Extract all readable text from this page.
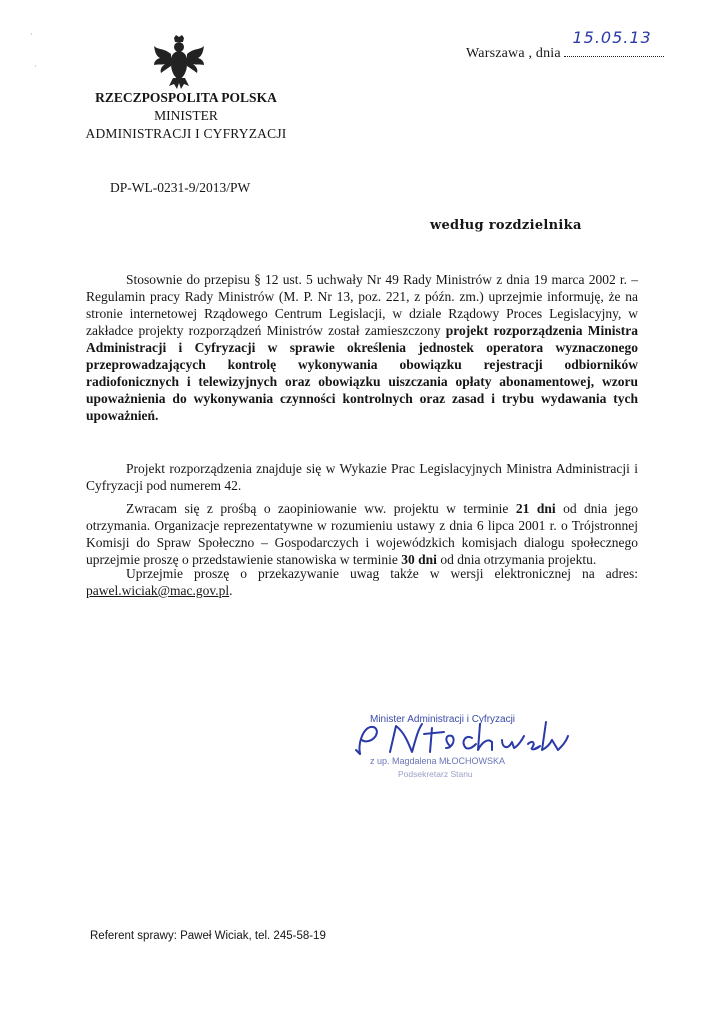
Warszawa , dnia
15.05.13
RZECZPOSPOLITA POLSKA
MINISTER
ADMINISTRACJI I CYFRYZACJI
DP-WL-0231-9/2013/PW
według rozdzielnika

Stosownie do przepisu § 12 ust. 5 uchwały Nr 49 Rady Ministrów z dnia 19 marca 2002 r. – Regulamin pracy Rady Ministrów (M. P. Nr 13, poz. 221, z późn. zm.) uprzejmie informuję, że na stronie internetowej Rządowego Centrum Legislacji, w dziale Rządowy Proces Legislacyjny, w zakładce projekty rozporządzeń Ministrów został zamieszczony projekt rozporządzenia Ministra Administracji i Cyfryzacji w sprawie określenia jednostek operatora wyznaczonego przeprowadzających kontrolę wykonywania obowiązku rejestracji odbiorników radiofonicznych i telewizyjnych oraz obowiązku uiszczania opłaty abonamentowej, wzoru upoważnienia do wykonywania czynności kontrolnych oraz zasad i trybu wydawania tych upoważnień.

Projekt rozporządzenia znajduje się w Wykazie Prac Legislacyjnych Ministra Administracji i Cyfryzacji pod numerem 42.

Zwracam się z prośbą o zaopiniowanie ww. projektu w terminie 21 dni od dnia jego otrzymania. Organizacje reprezentatywne w rozumieniu ustawy z dnia 6 lipca 2001 r. o Trójstronnej Komisji do Spraw Społeczno – Gospodarczych i wojewódzkich komisjach dialogu społecznego uprzejmie proszę o przedstawienie stanowiska w terminie 30 dni od dnia otrzymania projektu.

Uprzejmie proszę o przekazywanie uwag także w wersji elektronicznej na adres: pawel.wiciak@mac.gov.pl.

Minister Administracji i Cyfryzacji
z up. Magdalena MŁOCHOWSKA
Podsekretarz Stanu
Referent sprawy: Paweł Wiciak, tel. 245-58-19
·
·
